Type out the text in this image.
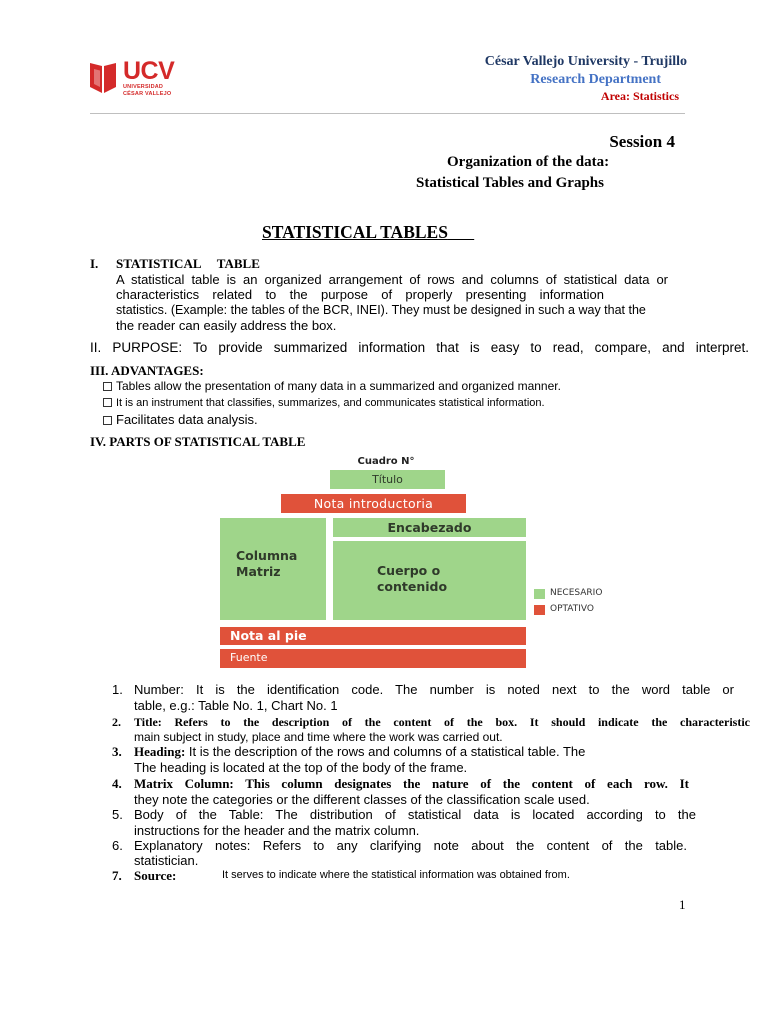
UCV
UNIVERSIDAD
CÉSAR VALLEJO
César Vallejo University - Trujillo
Research Department
Area: Statistics
Session 4
Organization of the data:
Statistical Tables and Graphs
STATISTICAL TABLES
I. STATISTICAL     TABLE
A statistical table is an organized arrangement of rows and columns of statistical data or
characteristics related to the purpose of properly presenting information
statistics. (Example: the tables of the BCR, INEI). They must be designed in such a way that the
the reader can easily address the box.
II. PURPOSE: To provide summarized information that is easy to read, compare, and interpret.
III. ADVANTAGES:
Tables allow the presentation of many data in a summarized and organized manner.
It is an instrument that classifies, summarizes, and communicates statistical information.
Facilitates data analysis.
IV. PARTS OF STATISTICAL TABLE
Cuadro N°
Título
Nota introductoria
Encabezado
Columna
Matriz	Cuerpo o
contenido
Nota al pie
Fuente
NECESARIO
OPTATIVO
1. Number: It is the identification code. The number is noted next to the word table or
table, e.g.: Table No. 1, Chart No. 1
2.	Title: Refers to the description of the content of the box. It should indicate the characteristic
main subject in study, place and time where the work was carried out.
3. Heading: It is the description of the rows and columns of a statistical table. The
The heading is located at the top of the body of the frame.
4. Matrix Column: This column designates the nature of the content of each row. It
they note the categories or the different classes of the classification scale used.
5. Body of the Table: The distribution of statistical data is located according to the
instructions for the header and the matrix column.
6. Explanatory notes: Refers to any clarifying note about the content of the table.
statistician.
7. Source:	It serves to indicate where the statistical information was obtained from.
1
